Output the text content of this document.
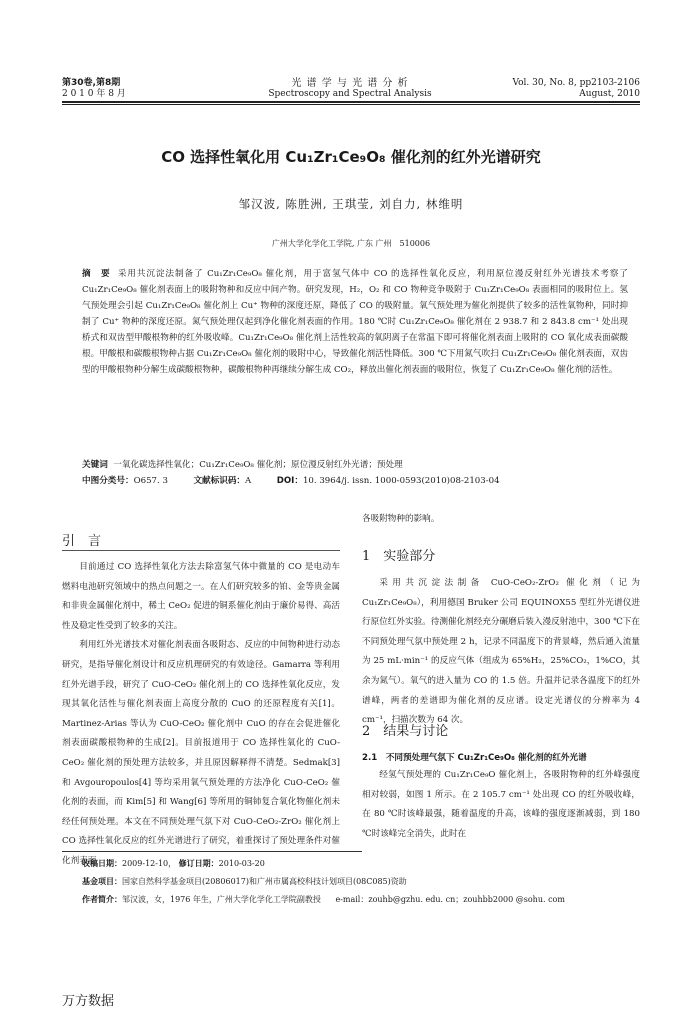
第30卷,第8期
2 0 1 0 年 8 月
光 谱 学 与 光 谱 分 析
Spectroscopy and Spectral Analysis
Vol. 30, No. 8, pp2103-2106
August, 2010
CO 选择性氧化用 Cu₁Zr₁Ce₉O₈ 催化剂的红外光谱研究
邹汉波, 陈胜洲, 王琪莹, 刘自力, 林维明
广州大学化学化工学院, 广东 广州　510006
摘　要 采用共沉淀法制备了 Cu₁Zr₁Ce₉O₈ 催化剂，用于富氢气体中 CO 的选择性氧化反应，利用原位漫反射红外光谱技术考察了 Cu₁Zr₁Ce₉O₈ 催化剂表面上的吸附物种和反应中间产物。研究发现，H₂，O₂ 和 CO 物种竞争吸附于 Cu₁Zr₁Ce₉O₈ 表面相同的吸附位上。氢气预处理会引起 Cu₁Zr₁Ce₉O₈ 催化剂上 Cu⁺ 物种的深度还原，降低了 CO 的吸附量。氧气预处理为催化剂提供了较多的活性氧物种，同时抑制了 Cu⁺ 物种的深度还原。氮气预处理仅起到净化催化剂表面的作用。180 ℃时 Cu₁Zr₁Ce₉O₈ 催化剂在 2 938.7 和 2 843.8 cm⁻¹ 处出现桥式和双齿型甲酸根物种的红外吸收峰。Cu₁Zr₁Ce₉O₈ 催化剂上活性较高的氧阴离子在常温下即可将催化剂表面上吸附的 CO 氧化成表面碳酸根。甲酸根和碳酸根物种占据 Cu₁Zr₁Ce₉O₈ 催化剂的吸附中心，导致催化剂活性降低。300 ℃下用氮气吹扫 Cu₁Zr₁Ce₉O₈ 催化剂表面，双齿型的甲酸根物种分解生成碳酸根物种，碳酸根物种再继续分解生成 CO₂，释放出催化剂表面的吸附位，恢复了 Cu₁Zr₁Ce₉O₈ 催化剂的活性。
关键词 一氧化碳选择性氧化；Cu₁Zr₁Ce₉O₈ 催化剂；原位漫反射红外光谱；预处理
中图分类号：O657. 3	文献标识码：A	DOI：10. 3964/j. issn. 1000-0593(2010)08-2103-04
引　言

目前通过 CO 选择性氧化方法去除富氢气体中微量的 CO 是电动车燃料电池研究领域中的热点问题之一。在人们研究较多的铂、金等贵金属和非贵金属催化剂中，稀土 CeO₂ 促进的铜系催化剂由于廉价易得、高活性及稳定性受到了较多的关注。

利用红外光谱技术对催化剂表面各吸附态、反应的中间物种进行动态研究，是指导催化剂设计和反应机理研究的有效途径。Gamarra 等利用红外光谱手段，研究了 CuO-CeO₂ 催化剂上的 CO 选择性氧化反应，发现其氧化活性与催化剂表面上高度分散的 CuO 的还原程度有关[1]。Martinez-Arias 等认为 CuO-CeO₂ 催化剂中 CuO 的存在会促进催化剂表面碳酸根物种的生成[2]。目前报道用于 CO 选择性氧化的 CuO-CeO₂ 催化剂的预处理方法较多，并且原因解释得不清楚。Sedmak[3] 和 Avgouropoulos[4] 等均采用氧气预处理的方法净化 CuO-CeO₂ 催化剂的表面，而 Kim[5] 和 Wang[6] 等所用的铜铈复合氧化物催化剂未经任何预处理。本文在不同预处理气氛下对 CuO-CeO₂-ZrO₂ 催化剂上 CO 选择性氧化反应的红外光谱进行了研究，着重探讨了预处理条件对催化剂表面

各吸附物种的影响。
1　实验部分

采用共沉淀法制备 CuO-CeO₂-ZrO₂ 催化剂（记为 Cu₁Zr₁Ce₉O₈），利用德国 Bruker 公司 EQUINOX55 型红外光谱仪进行原位红外实验。待测催化剂经充分碾磨后装入漫反射池中，300 ℃下在不同预处理气氛中预处理 2 h，记录不同温度下的背景峰，然后通入流量为 25 mL·min⁻¹ 的反应气体（组成为 65%H₂，25%CO₂，1%CO，其余为氮气）。氧气的进入量为 CO 的 1.5 倍。升温并记录各温度下的红外谱峰，两者的差谱即为催化剂的反应谱。设定光谱仪的分辨率为 4 cm⁻¹，扫描次数为 64 次。

2　结果与讨论
2.1　不同预处理气氛下 Cu₁Zr₁Ce₉O₈ 催化剂的红外光谱

经氢气预处理的 Cu₁Zr₁Ce₉O 催化剂上，各吸附物种的红外峰强度相对较弱，如图 1 所示。在 2 105.7 cm⁻¹ 处出现 CO 的红外吸收峰，在 80 ℃时该峰最强，随着温度的升高，该峰的强度逐渐减弱，到 180 ℃时该峰完全消失，此时在

收稿日期：2009-12-10， 修订日期：2010-03-20
基金项目：国家自然科学基金项目(20806017)和广州市属高校科技计划项目(08C085)资助
作者简介：邹汉波，女，1976 年生，广州大学化学化工学院副教授 e-mail：zouhb@gzhu. edu. cn；zouhbb2000 @sohu. com
万方数据
